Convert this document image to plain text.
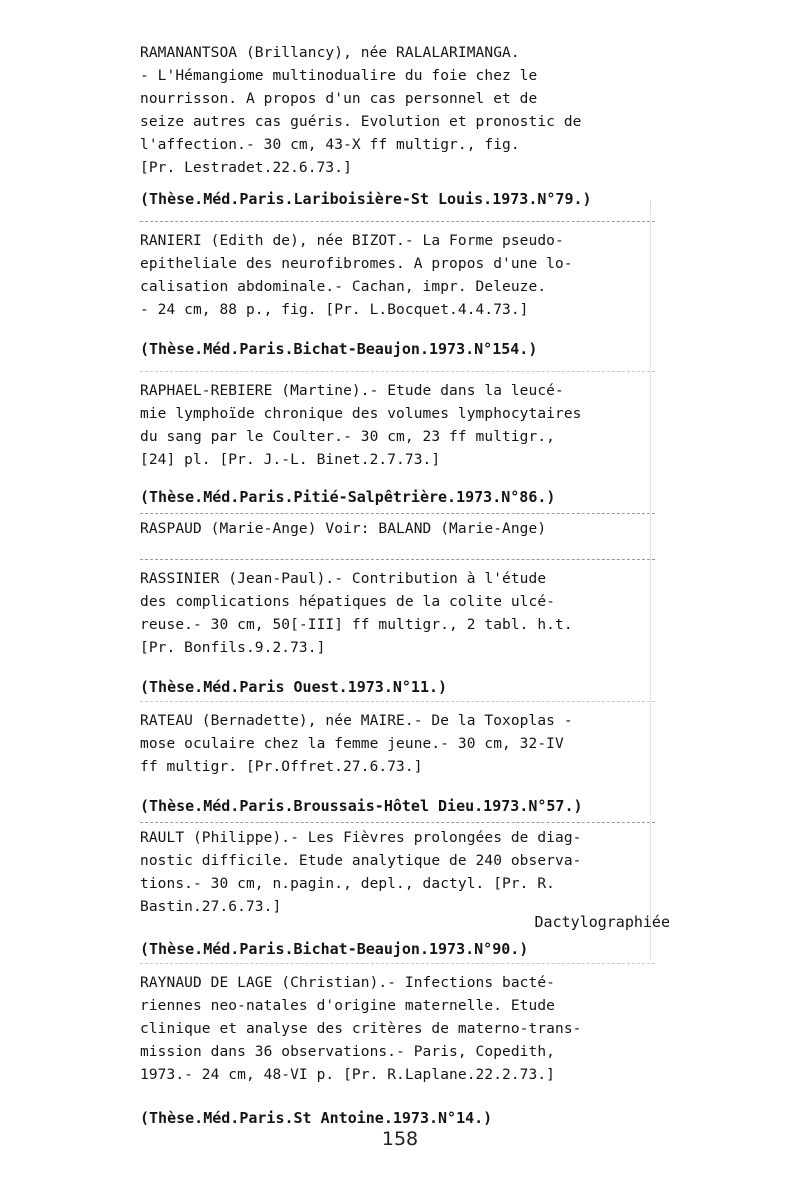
RAMANANTSOA (Brillancy), née RALALARIMANGA.
- L'Hémangiome multinodualire du foie chez le
nourrisson. A propos d'un cas personnel et de
seize autres cas guéris. Evolution et pronostic de
l'affection.- 30 cm, 43-X ff multigr., fig.
[Pr. Lestradet.22.6.73.]
(Thèse.Méd.Paris.Lariboisière-St Louis.1973.N°79.)
RANIERI (Edith de), née BIZOT.- La Forme pseudo-
epitheliale des neurofibromes. A propos d'une lo-
calisation abdominale.- Cachan, impr. Deleuze.
- 24 cm, 88 p., fig. [Pr. L.Bocquet.4.4.73.]
(Thèse.Méd.Paris.Bichat-Beaujon.1973.N°154.)
RAPHAEL-REBIERE (Martine).- Etude dans la leucé-
mie lymphoïde chronique des volumes lymphocytaires
du sang par le Coulter.- 30 cm, 23 ff multigr.,
[24] pl. [Pr. J.-L. Binet.2.7.73.]
(Thèse.Méd.Paris.Pitié-Salpêtrière.1973.N°86.)
RASPAUD (Marie-Ange) Voir: BALAND (Marie-Ange)
RASSINIER (Jean-Paul).- Contribution à l'étude
des complications hépatiques de la colite ulcé-
reuse.- 30 cm, 50[-III] ff multigr., 2 tabl. h.t.
[Pr. Bonfils.9.2.73.]
(Thèse.Méd.Paris Ouest.1973.N°11.)
RATEAU (Bernadette), née MAIRE.- De la Toxoplas -
mose oculaire chez la femme jeune.- 30 cm, 32-IV
ff multigr. [Pr.Offret.27.6.73.]
(Thèse.Méd.Paris.Broussais-Hôtel Dieu.1973.N°57.)
RAULT (Philippe).- Les Fièvres prolongées de diag-
nostic difficile. Etude analytique de 240 observa-
tions.- 30 cm, n.pagin., depl., dactyl. [Pr. R.
Bastin.27.6.73.]
Dactylographiée
(Thèse.Méd.Paris.Bichat-Beaujon.1973.N°90.)
RAYNAUD DE LAGE (Christian).- Infections bacté-
riennes neo-natales d'origine maternelle. Etude
clinique et analyse des critères de materno-trans-
mission dans 36 observations.- Paris, Copedith,
1973.- 24 cm, 48-VI p. [Pr. R.Laplane.22.2.73.]
(Thèse.Méd.Paris.St Antoine.1973.N°14.)
158
